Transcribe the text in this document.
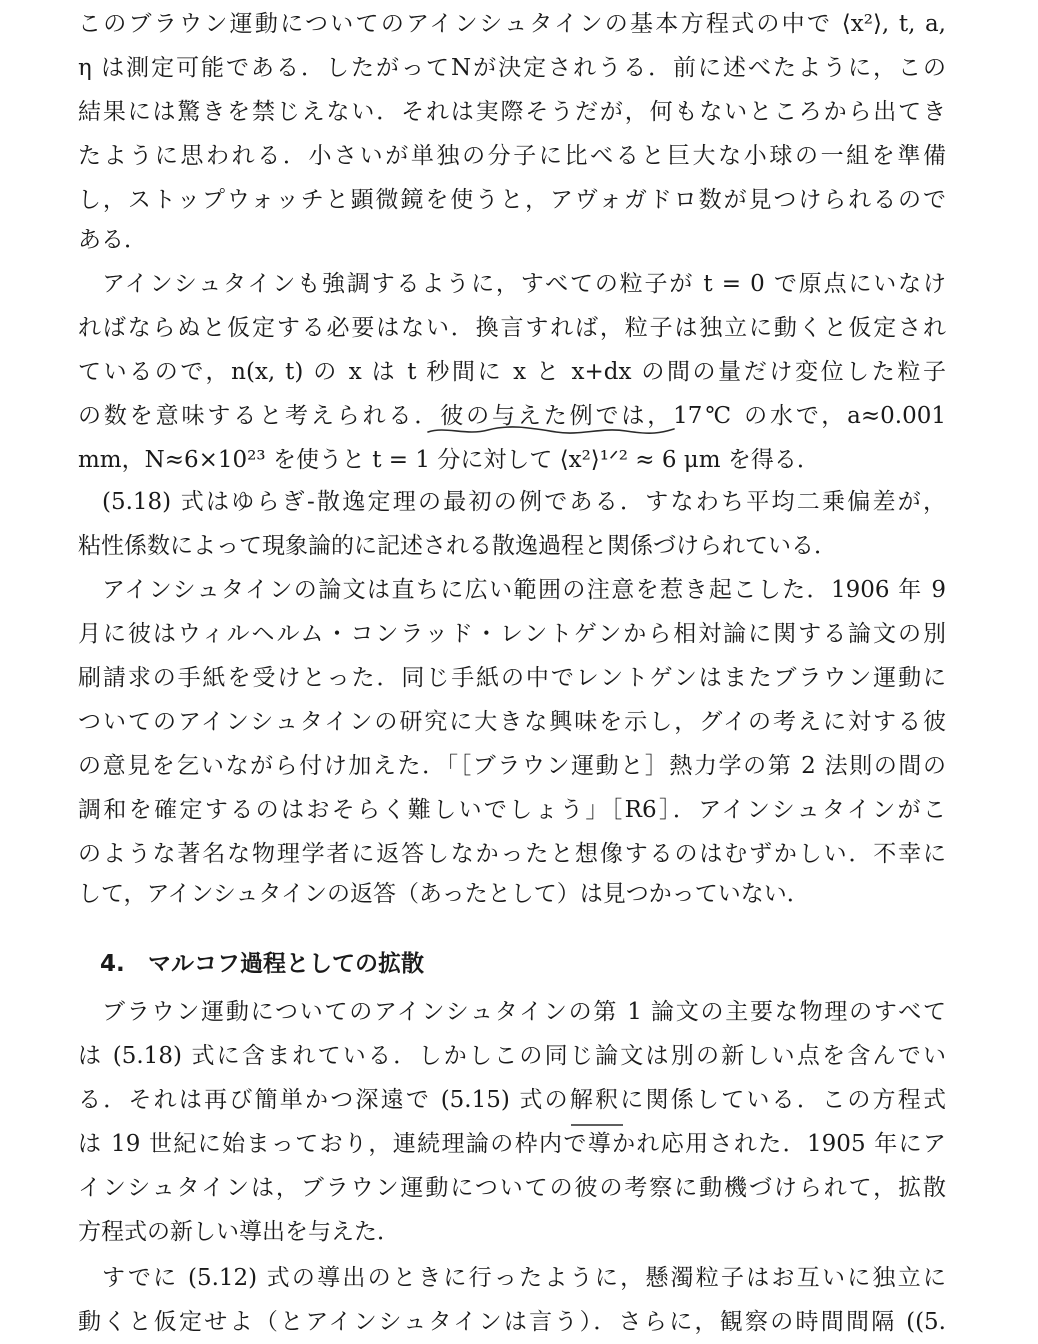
このブラウン運動についてのアインシュタインの基本方程式の中で ⟨x²⟩, t, a,
η は測定可能である．したがってNが決定されうる．前に述べたように，この
結果には驚きを禁じえない．それは実際そうだが，何もないところから出てき
たように思われる．小さいが単独の分子に比べると巨大な小球の一組を準備
し，ストップウォッチと顕微鏡を使うと，アヴォガドロ数が見つけられるので
ある．
アインシュタインも強調するように，すべての粒子が t = 0 で原点にいなけ
ればならぬと仮定する必要はない．換言すれば，粒子は独立に動くと仮定され
ているので，n(x, t) の x は t 秒間に x と x+dx の間の量だけ変位した粒子
の数を意味すると考えられる．彼の与えた例では，17℃ の水で，a≈0.001
mm，N≈6×10²³ を使うと t = 1 分に対して ⟨x²⟩¹ᐟ² ≈ 6 μm を得る．
(5.18) 式はゆらぎ-散逸定理の最初の例である．すなわち平均二乗偏差が，
粘性係数によって現象論的に記述される散逸過程と関係づけられている．
アインシュタインの論文は直ちに広い範囲の注意を惹き起こした．1906 年 9
月に彼はウィルヘルム・コンラッド・レントゲンから相対論に関する論文の別
刷請求の手紙を受けとった．同じ手紙の中でレントゲンはまたブラウン運動に
ついてのアインシュタインの研究に大きな興味を示し，グイの考えに対する彼
の意見を乞いながら付け加えた．「［ブラウン運動と］熱力学の第 2 法則の間の
調和を確定するのはおそらく難しいでしょう」［R6］．アインシュタインがこ
のような著名な物理学者に返答しなかったと想像するのはむずかしい．不幸に
して，アインシュタインの返答（あったとして）は見つかっていない．
4. マルコフ過程としての拡散
ブラウン運動についてのアインシュタインの第 1 論文の主要な物理のすべて
は (5.18) 式に含まれている．しかしこの同じ論文は別の新しい点を含んでい
る．それは再び簡単かつ深遠で (5.15) 式の解釈に関係している．この方程式
は 19 世紀に始まっており，連続理論の枠内で導かれ応用された．1905 年にア
インシュタインは，ブラウン運動についての彼の考察に動機づけられて，拡散
方程式の新しい導出を与えた．
すでに (5.12) 式の導出のときに行ったように，懸濁粒子はお互いに独立に
動くと仮定せよ（とアインシュタインは言う）．さらに，観察の時間間隔 ((5.
